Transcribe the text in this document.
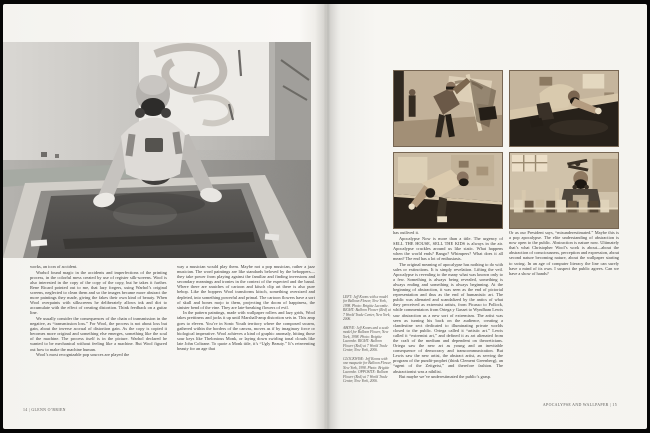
works, an icon of accident.

Warhol found magic in the accidents and imperfections of the printing process, in the colorful mess created by use of register silk-screens. Wool is also interested in the copy of the copy of the copy, but he takes it further. Rene Ricard pointed out to me, that lazy forgers, using Warhol’s original screens, neglected to clean them and so the images became more abstract the more paintings they made, giving the fakes their own kind of beauty. When Wool overpaints with silkscreens he deliberately allows ink and dirt to accumulate with the effect of creating distortion. Think feedback on a guitar line.

We usually consider the consequences of the chain of transmission in the negative, as “transmission loss.” For Wool, the process is not about loss but gain, about the inverse accrual of distortion gain. As the copy is copied it becomes more original and something else emerges, something like the soul of the machine. The process itself is in the picture. Warhol declared he wanted to be mechanical without feeling like a machine. But Wool figured out how to make the machine human.

Wool’s most recognizable pop sources are played the

way a musician would play them. Maybe not a pop musician, rather a jazz musician. The word paintings are like standards beloved by the beboppers—they take power from playing against the familiar and finding inversions and secondary meanings and ironies in the context of the expected and the banal. Where there are snatches of cartoon and kitsch clip art there is also pure bebop. Like the boppers Wool transforms kitsch, something oversized and depleted, into something powerful and primal. The cartoon flowers have a sort of skull and bones mojo to them, projecting the doom of happiness, the sinister bend of the vine. They are late-breaking flowers of evil.

In the pattern paintings, made with wallpaper rollers and lazy grids, Wool takes prettiness and jacks it up until Marshall-amp distortion sets in. This amp goes to eleven. You’re in Sonic Youth territory where the composed swarm, gathered within the borders of the canvas, moves as if by imaginary force or biological imperative. Wool achieves a kind of graphic anomaly, hitting those sour keys like Thelonious Monk, or laying down swirling tonal clouds like late John Coltrane. To quote a Monk title, it’s “Ugly Beauty.” It’s reinventing beauty for an age that

LEFT: Jeff Koons with a model for Balloon Flower, New York, 1998. Photo: Brigitte Lacombe. RIGHT: Balloon Flower (Red) at 7 World Trade Center, New York, 2006.

ABOVE: Jeff Koons and a scale model for Balloon Flower, New York, 1998. Photo: Brigitte Lacombe. RIGHT: Balloon Flower (Red) at 7 World Trade Center, New York, 2006.

CLOCKWISE: Jeff Koons with one maquette for Balloon Flower, New York, 1998. Photo: Brigitte Lacombe. OPPOSITE: Balloon Flower (Red) at 7 World Trade Center, New York, 2006.

has outlived it.

Apocalypse Now is more than a title. The urgency of SELL THE HOUSE, SELL THE KIDS is always in the air. Apocalypse crackles around us like static. What happens when the world ends? Bango? Whimpers? What does it all mean? The end has a lot of enthusiasts.

The original meaning of apocalypse has nothing to do with sales or extinctions. It is simply revelation. Lifting the veil. Apocalypse is revealing to the many what was known only to a few. Something is always being revealed, something is always ending and something is always beginning. At the beginning of abstraction, it was seen as the end of pictorial representation and thus as the end of humanistic art. The public was alienated and scandalized by the antics of what they perceived as extremist artists, from Picasso to Pollock, while commentators from Ortega y Gasset to Wyndham Lewis saw abstraction as a new sort of extremism. The artist was seen as turning his back on the audience, creating a clandestine sect dedicated to illuminating private worlds closed to the public. Ortega called it “artistic art.” Lewis called it “extremist art,” and defined it as art alienated from the craft of the medium and dependent on theoreticians. Ortega saw the new art as young and an inevitable consequence of democracy and transcommunication. But Lewis saw the new artist, the abstract artist, as serving the program of the pundit-prophet (think Clement Greenberg), an “agent of the Zeitgeist,” and therefore fashion. The abstractionist was a nihilist.

But maybe we’ve underestimated the public’s grasp.

Or as our President says, “misunderestimated.” Maybe this is a pop apocalypse. The elite understanding of abstraction is now open to the public. Abstraction is nature now. Ultimately that’s what Christopher Wool’s work is about—about the abstraction of consciousness, perception and expression, about second nature becoming nature, about the wallpaper starting to swing. In an age of computer literacy the line can surely have a mind of its own. I suspect the public agrees. Can we have a show of hands?

14 | GLENN O’BRIEN
APOCALYPSE AND WALLPAPER | 15
